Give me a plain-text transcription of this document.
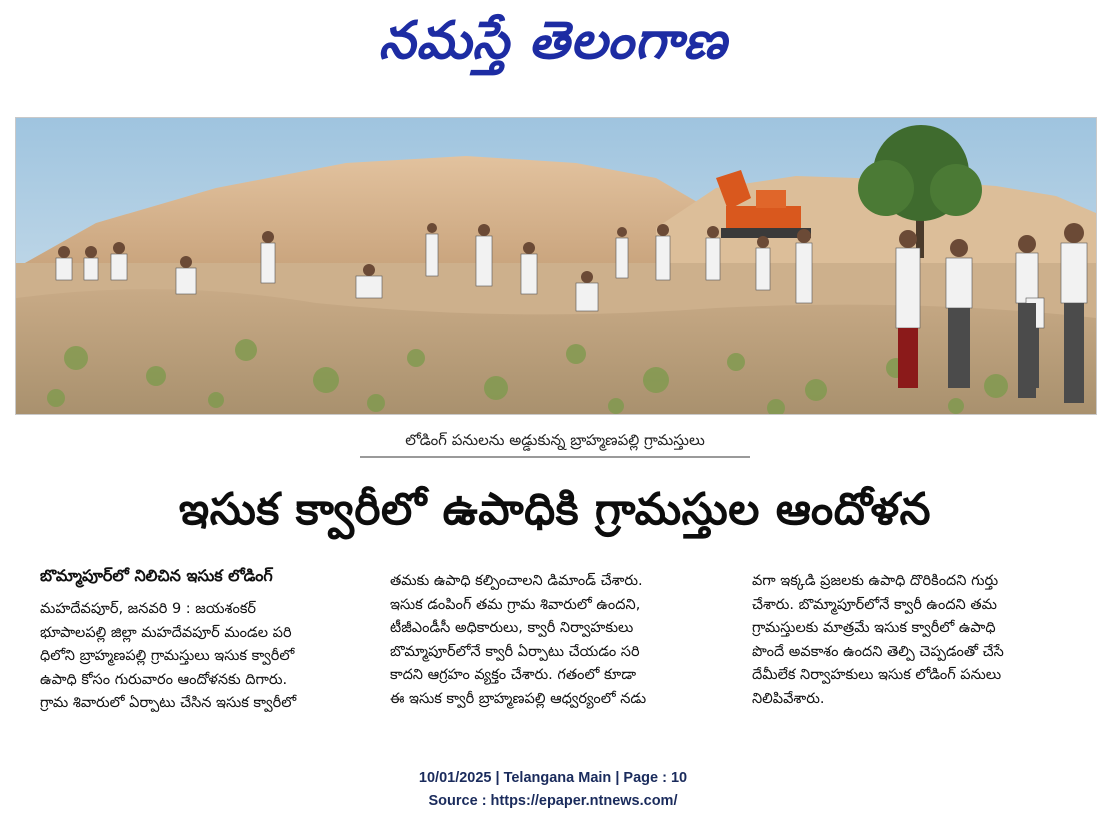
నమస్తే తెలంగాణ
లోడింగ్ పనులను అడ్డుకున్న బ్రాహ్మణపల్లి గ్రామస్తులు
ఇసుక క్వారీలో ఉపాధికి గ్రామస్తుల ఆందోళన
బొమ్మాపూర్‌లో నిలిచిన ఇసుక లోడింగ్
మహదేవపూర్, జనవరి 9 : జయశంకర్
భూపాలపల్లి జిల్లా మహదేవపూర్ మండల పరి
ధిలోని బ్రాహ్మణపల్లి గ్రామస్తులు ఇసుక క్వారీలో
ఉపాధి కోసం గురువారం ఆందోళనకు దిగారు.
గ్రామ శివారులో ఏర్పాటు చేసిన ఇసుక క్వారీలో
తమకు ఉపాధి కల్పించాలని డిమాండ్ చేశారు.
ఇసుక డంపింగ్ తమ గ్రామ శివారులో ఉందని,
టీజీఎండీసీ అధికారులు, క్వారీ నిర్వాహకులు
బొమ్మాపూర్‌లోనే క్వారీ ఏర్పాటు చేయడం సరి
కాదని ఆగ్రహం వ్యక్తం చేశారు. గతంలో కూడా
ఈ ఇసుక క్వారీ బ్రాహ్మణపల్లి ఆధ్వర్యంలో నడు
వగా ఇక్కడి ప్రజలకు ఉపాధి దొరికిందని గుర్తు
చేశారు. బొమ్మాపూర్‌లోనే క్వారీ ఉందని తమ
గ్రామస్తులకు మాత్రమే ఇసుక క్వారీలో ఉపాధి
పొందే అవకాశం ఉందని తెల్పి చెప్పడంతో చేసే
దేమీలేక నిర్వాహకులు ఇసుక లోడింగ్ పనులు
నిలిపివేశారు.
10/01/2025 | Telangana Main | Page : 10
Source : https://epaper.ntnews.com/
